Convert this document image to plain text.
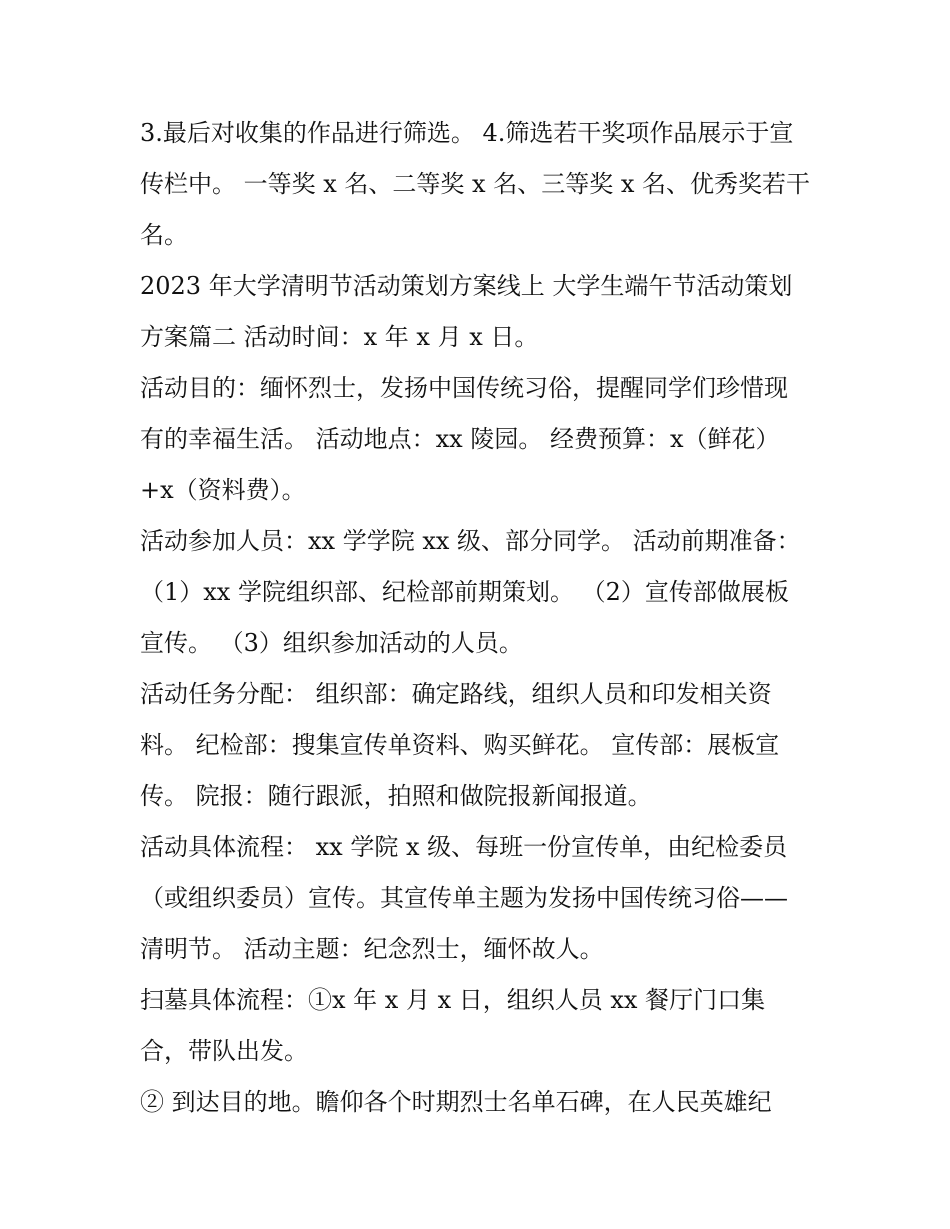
3.最后对收集的作品进行筛选。 4.筛选若干奖项作品展示于宣
传栏中。 一等奖 x 名、二等奖 x 名、三等奖 x 名、优秀奖若干
名。
2023 年大学清明节活动策划方案线上 大学生端午节活动策划
方案篇二 活动时间：x 年 x 月 x 日。
活动目的：缅怀烈士，发扬中国传统习俗，提醒同学们珍惜现
有的幸福生活。 活动地点：xx 陵园。 经费预算：x（鲜花）
+x（资料费）。
活动参加人员：xx 学学院 xx 级、部分同学。 活动前期准备：
（1）xx 学院组织部、纪检部前期策划。 （2）宣传部做展板
宣传。 （3）组织参加活动的人员。
活动任务分配： 组织部：确定路线，组织人员和印发相关资
料。 纪检部：搜集宣传单资料、购买鲜花。 宣传部：展板宣
传。 院报：随行跟派，拍照和做院报新闻报道。
活动具体流程： xx 学院 x 级、每班一份宣传单，由纪检委员
（或组织委员）宣传。其宣传单主题为发扬中国传统习俗——
清明节。 活动主题：纪念烈士，缅怀故人。
扫墓具体流程：①x 年 x 月 x 日，组织人员 xx 餐厅门口集
合，带队出发。
② 到达目的地。瞻仰各个时期烈士名单石碑，在人民英雄纪
